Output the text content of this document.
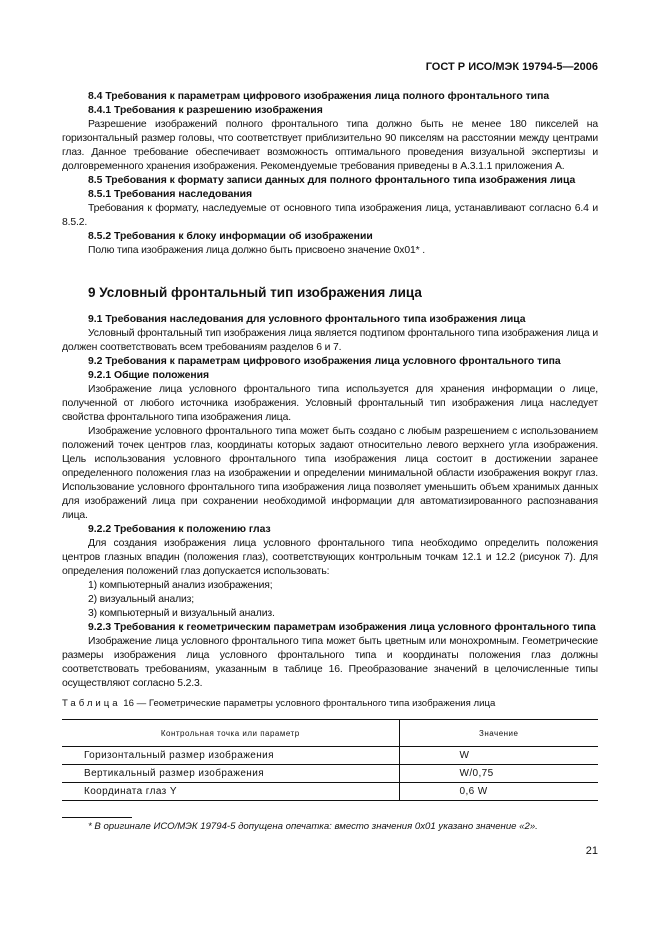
ГОСТ Р ИСО/МЭК 19794-5—2006

8.4 Требования к параметрам цифрового изображения лица полного фронтального типа

8.4.1 Требования к разрешению изображения

Разрешение изображений полного фронтального типа должно быть не менее 180 пикселей на горизонтальный размер головы, что соответствует приблизительно 90 пикселям на расстоянии между центрами глаз. Данное требование обеспечивает возможность оптимального проведения визуальной экспертизы и долговременного хранения изображения. Рекомендуемые требования приведены в А.3.1.1 приложения А.

8.5 Требования к формату записи данных для полного фронтального типа изображения лица

8.5.1 Требования наследования

Требования к формату, наследуемые от основного типа изображения лица, устанавливают согласно 6.4 и 8.5.2.

8.5.2 Требования к блоку информации об изображении

Полю типа изображения лица должно быть присвоено значение 0x01* .

9 Условный фронтальный тип изображения лица

9.1 Требования наследования для условного фронтального типа изображения лица

Условный фронтальный тип изображения лица является подтипом фронтального типа изображения лица и должен соответствовать всем требованиям разделов 6 и 7.

9.2 Требования к параметрам цифрового изображения лица условного фронтального типа

9.2.1 Общие положения

Изображение лица условного фронтального типа используется для хранения информации о лице, полученной от любого источника изображения. Условный фронтальный тип изображения лица наследует свойства фронтального типа изображения лица.

Изображение условного фронтального типа может быть создано с любым разрешением с использованием положений точек центров глаз, координаты которых задают относительно левого верхнего угла изображения. Цель использования условного фронтального типа изображения лица состоит в достижении заранее определенного положения глаз на изображении и определении минимальной области изображения вокруг глаз. Использование условного фронтального типа изображения лица позволяет уменьшить объем хранимых данных для изображений лица при сохранении необходимой информации для автоматизированного распознавания лица.

9.2.2 Требования к положению глаз

Для создания изображения лица условного фронтального типа необходимо определить положения центров глазных впадин (положения глаз), соответствующих контрольным точкам 12.1 и 12.2 (рисунок 7). Для определения положений глаз допускается использовать:

1) компьютерный анализ изображения;

2) визуальный анализ;

3) компьютерный и визуальный анализ.

9.2.3 Требования к геометрическим параметрам изображения лица условного фронтального типа

Изображение лица условного фронтального типа может быть цветным или монохромным. Геометрические размеры изображения лица условного фронтального типа и координаты положения глаз должны соответствовать требованиям, указанным в таблице 16. Преобразование значений в целочисленные типы осуществляют согласно 5.2.3.

Таблица 16 — Геометрические параметры условного фронтального типа изображения лица
Контрольная точка или параметр	Значение
Горизонтальный размер изображения	W
Вертикальный размер изображения	W/0,75
Координата глаз Y	0,6 W
* В оригинале ИСО/МЭК 19794-5 допущена опечатка: вместо значения 0x01 указано значение «2».
21
